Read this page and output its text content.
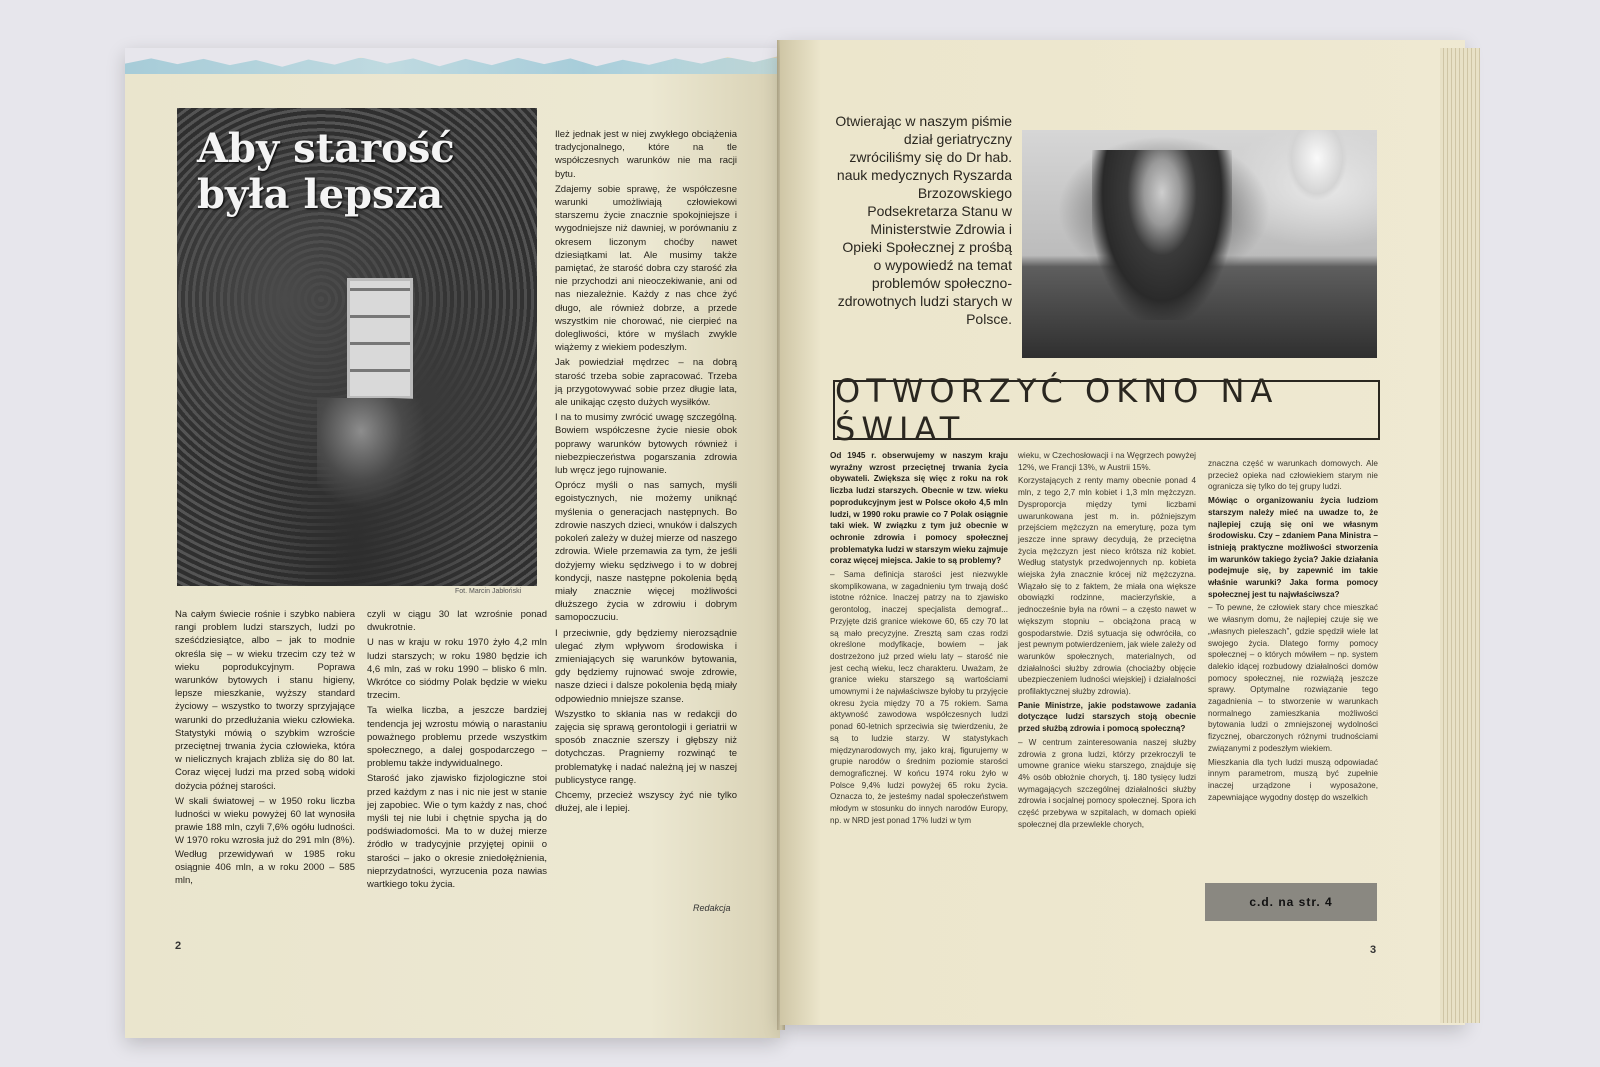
Aby starość była lepsza
Fot. Marcin Jabłoński

Na całym świecie rośnie i szybko nabiera rangi problem ludzi starszych, ludzi po sześćdziesiątce, albo – jak to modnie określa się – w wieku trzecim czy też w wieku poprodukcyjnym. Poprawa warunków bytowych i stanu higieny, lepsze mieszkanie, wyższy standard życiowy – wszystko to tworzy sprzyjające warunki do przedłużania wieku człowieka. Statystyki mówią o szybkim wzroście przeciętnej trwania życia człowieka, która w nielicznych krajach zbliża się do 80 lat. Coraz więcej ludzi ma przed sobą widoki dożycia późnej starości.

W skali światowej – w 1950 roku liczba ludności w wieku powyżej 60 lat wynosiła prawie 188 mln, czyli 7,6% ogółu ludności. W 1970 roku wzrosła już do 291 mln (8%). Według przewidywań w 1985 roku osiągnie 406 mln, a w roku 2000 – 585 mln,

czyli w ciągu 30 lat wzrośnie ponad dwukrotnie.

U nas w kraju w roku 1970 żyło 4,2 mln ludzi starszych; w roku 1980 będzie ich 4,6 mln, zaś w roku 1990 – blisko 6 mln. Wkrótce co siódmy Polak będzie w wieku trzecim.

Ta wielka liczba, a jeszcze bardziej tendencja jej wzrostu mówią o narastaniu poważnego problemu przede wszystkim społecznego, a dalej gospodarczego – problemu także indywidualnego.

Starość jako zjawisko fizjologiczne stoi przed każdym z nas i nic nie jest w stanie jej zapobiec. Wie o tym każdy z nas, choć myśli tej nie lubi i chętnie spycha ją do podświadomości. Ma to w dużej mierze źródło w tradycyjnie przyjętej opinii o starości – jako o okresie zniedołężnienia, nieprzydatności, wyrzucenia poza nawias wartkiego toku życia.

Ileż jednak jest w niej zwykłego obciążenia tradycjonalnego, które na tle współczesnych warunków nie ma racji bytu.

Zdajemy sobie sprawę, że współczesne warunki umożliwiają człowiekowi starszemu życie znacznie spokojniejsze i wygodniejsze niż dawniej, w porównaniu z okresem liczonym choćby nawet dziesiątkami lat. Ale musimy także pamiętać, że starość dobra czy starość zła nie przychodzi ani nieoczekiwanie, ani od nas niezależnie. Każdy z nas chce żyć długo, ale również dobrze, a przede wszystkim nie chorować, nie cierpieć na dolegliwości, które w myślach zwykle wiążemy z wiekiem podeszłym.

Jak powiedział mędrzec – na dobrą starość trzeba sobie zapracować. Trzeba ją przygotowywać sobie przez długie lata, ale unikając często dużych wysiłków.

I na to musimy zwrócić uwagę szczególną. Bowiem współczesne życie niesie obok poprawy warunków bytowych również i niebezpieczeństwa pogarszania zdrowia lub wręcz jego rujnowanie.

Oprócz myśli o nas samych, myśli egoistycznych, nie możemy uniknąć myślenia o generacjach następnych. Bo zdrowie naszych dzieci, wnuków i dalszych pokoleń zależy w dużej mierze od naszego zdrowia. Wiele przemawia za tym, że jeśli dożyjemy wieku sędziwego i to w dobrej kondycji, nasze następne pokolenia będą miały znacznie więcej możliwości dłuższego życia w zdrowiu i dobrym samopoczuciu.

I przeciwnie, gdy będziemy nierozsądnie ulegać złym wpływom środowiska i zmieniających się warunków bytowania, gdy będziemy rujnować swoje zdrowie, nasze dzieci i dalsze pokolenia będą miały odpowiednio mniejsze szanse.

Wszystko to skłania nas w redakcji do zajęcia się sprawą gerontologii i geriatrii w sposób znacznie szerszy i głębszy niż dotychczas. Pragniemy rozwinąć te problematykę i nadać należną jej w naszej publicystyce rangę.

Chcemy, przecież wszyscy żyć nie tylko dłużej, ale i lepiej.

Redakcja
2
Otwierając w naszym piśmie dział geriatryczny zwróciliśmy się do Dr hab. nauk medycznych Ryszarda Brzozowskiego Podsekretarza Stanu w Ministerstwie Zdrowia i Opieki Społecznej z prośbą o wypowiedź na temat problemów społeczno-zdrowotnych ludzi starych w Polsce.
OTWORZYĆ OKNO NA ŚWIAT

Od 1945 r. obserwujemy w naszym kraju wyraźny wzrost przeciętnej trwania życia obywateli. Zwiększa się więc z roku na rok liczba ludzi starszych. Obecnie w tzw. wieku poprodukcyjnym jest w Polsce około 4,5 mln ludzi, w 1990 roku prawie co 7 Polak osiągnie taki wiek. W związku z tym już obecnie w ochronie zdrowia i pomocy społecznej problematyka ludzi w starszym wieku zajmuje coraz więcej miejsca. Jakie to są problemy?

– Sama definicja starości jest niezwykle skomplikowana, w zagadnieniu tym trwają dość istotne różnice. Inaczej patrzy na to zjawisko gerontolog, inaczej specjalista demograf... Przyjęte dziś granice wiekowe 60, 65 czy 70 lat są mało precyzyjne. Zresztą sam czas rodzi określone modyfikacje, bowiem – jak dostrzeżono już przed wielu laty – starość nie jest cechą wieku, lecz charakteru. Uważam, że granice wieku starszego są wartościami umownymi i że najwłaściwsze byłoby tu przyjęcie okresu życia między 70 a 75 rokiem. Sama aktywność zawodowa współczesnych ludzi ponad 60-letnich sprzeciwia się twierdzeniu, że są to ludzie starzy. W statystykach międzynarodowych my, jako kraj, figurujemy w grupie narodów o średnim poziomie starości demograficznej. W końcu 1974 roku żyło w Polsce 9,4% ludzi powyżej 65 roku życia. Oznacza to, że jesteśmy nadal społeczeństwem młodym w stosunku do innych narodów Europy, np. w NRD jest ponad 17% ludzi w tym

wieku, w Czechosłowacji i na Węgrzech powyżej 12%, we Francji 13%, w Austrii 15%.

Korzystających z renty mamy obecnie ponad 4 mln, z tego 2,7 mln kobiet i 1,3 mln mężczyzn. Dysproporcja między tymi liczbami uwarunkowana jest m. in. późniejszym przejściem mężczyzn na emeryturę, poza tym jeszcze inne sprawy decydują, że przeciętna życia mężczyzn jest nieco krótsza niż kobiet. Według statystyk przedwojennych np. kobieta wiejska żyła znacznie krócej niż mężczyzna. Wiązało się to z faktem, że miała ona większe obowiązki rodzinne, macierzyńskie, a jednocześnie była na równi – a często nawet w większym stopniu – obciążona pracą w gospodarstwie. Dziś sytuacja się odwróciła, co jest pewnym potwierdzeniem, jak wiele zależy od warunków społecznych, materialnych, od działalności służby zdrowia (chociażby objęcie ubezpieczeniem ludności wiejskiej) i działalności profilaktycznej służby zdrowia).

Panie Ministrze, jakie podstawowe zadania dotyczące ludzi starszych stoją obecnie przed służbą zdrowia i pomocą społeczną?

– W centrum zainteresowania naszej służby zdrowia z grona ludzi, którzy przekroczyli te umowne granice wieku starszego, znajduje się 4% osób obłożnie chorych, tj. 180 tysięcy ludzi wymagających szczególnej działalności służby zdrowia i socjalnej pomocy społecznej. Spora ich część przebywa w szpitalach, w domach opieki społecznej dla przewlekle chorych,

znaczna część w warunkach domowych. Ale przecież opieka nad człowiekiem starym nie ogranicza się tylko do tej grupy ludzi.

Mówiąc o organizowaniu życia ludziom starszym należy mieć na uwadze to, że najlepiej czują się oni we własnym środowisku. Czy – zdaniem Pana Ministra – istnieją praktyczne możliwości stworzenia im warunków takiego życia? Jakie działania podejmuje się, by zapewnić im takie właśnie warunki? Jaka forma pomocy społecznej jest tu najwłaściwsza?

– To pewne, że człowiek stary chce mieszkać we własnym domu, że najlepiej czuje się we „własnych pieleszach”, gdzie spędził wiele lat swojego życia. Dlatego formy pomocy społecznej – o których mówiłem – np. system dalekio idącej rozbudowy działalności domów pomocy społecznej, nie rozwiążą jeszcze sprawy. Optymalne rozwiązanie tego zagadnienia – to stworzenie w warunkach normalnego zamieszkania możliwości bytowania ludzi o zmniejszonej wydolności fizycznej, obarczonych różnymi trudnościami związanymi z podeszłym wiekiem.

Mieszkania dla tych ludzi muszą odpowiadać innym parametrom, muszą być zupełnie inaczej urządzone i wyposażone, zapewniające wygodny dostęp do wszelkich

c.d. na str. 4
3
